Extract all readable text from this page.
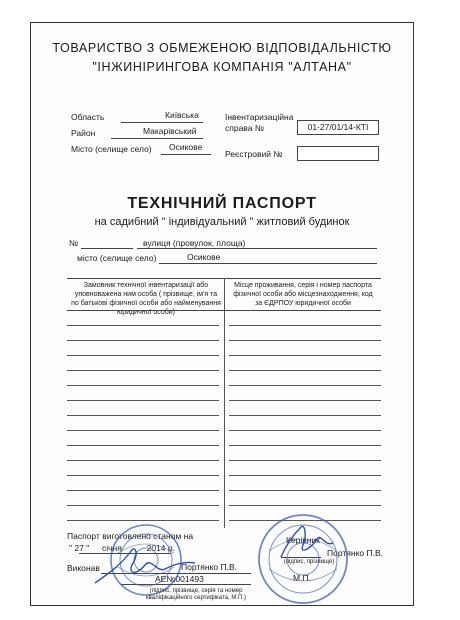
ТОВАРИСТВО З ОБМЕЖЕНОЮ ВІДПОВІДАЛЬНІСТЮ
"ІНЖИНІРИНГОВА КОМПАНІЯ "АЛТАНА"
Область	Київська
Район	Макарівський
Місто (селище село) Осикове
Інвентаризаційна
справа №	01-27/01/14-КТІ
Реєстровий №
ТЕХНІЧНИЙ ПАСПОРТ
на садибний " індивідуальний " житловий будинок
№	вулиця (провулок, площа)
місто (селище село)	Осикове
Замовник технічної інвентаризації або уповноважена ним особа ( прізвище, ім'я та по батькові фізичної особи або найменування юридичної особи)
Місце проживання, серія і номер паспорта фізичної особи або місцезнаходження, код за ЄДРПОУ юридичної особи
Паспорт виготовлено станом на
" 27 " січня	2014 р.
Виконав	Портянко П.В.
АЕ№001493
(підпис, прізвище, серія та номер кваліфікаційного сертифіката, М.П.)
Керівник
(підпис, прізвище)
Портянко П.В.
М.П.
